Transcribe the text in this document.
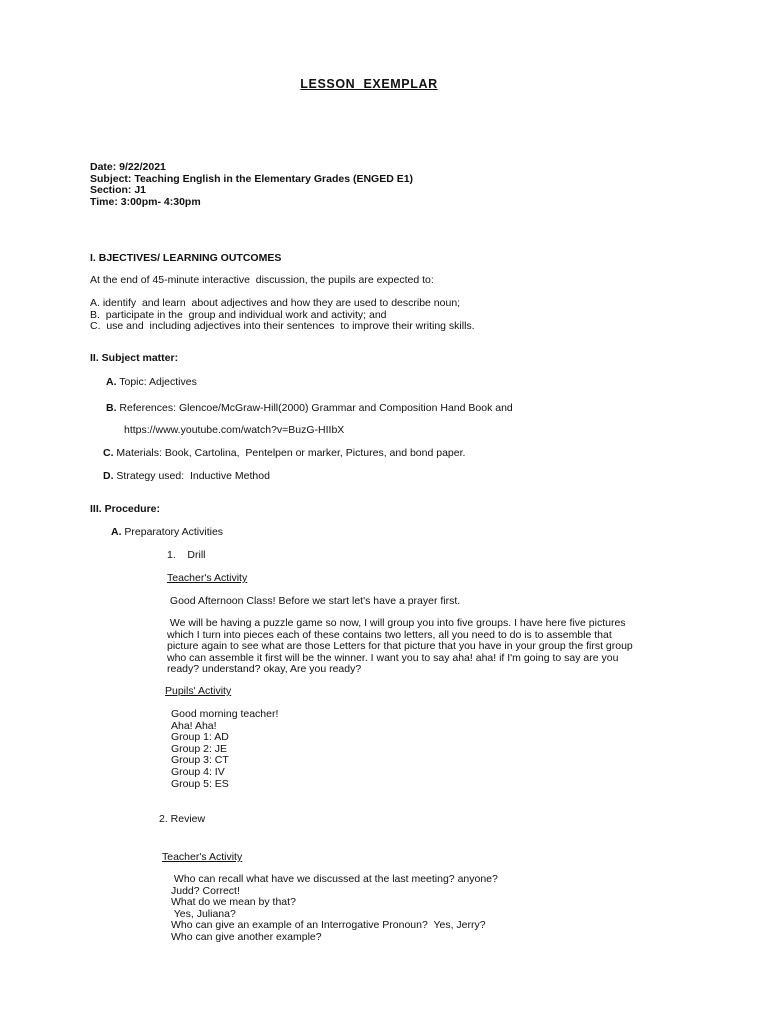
LESSON  EXEMPLAR
Date: 9/22/2021
Subject: Teaching English in the Elementary Grades (ENGED E1)
Section: J1
Time: 3:00pm- 4:30pm
I. BJECTIVES/ LEARNING OUTCOMES
At the end of 45-minute interactive  discussion, the pupils are expected to:
A. identify  and learn  about adjectives and how they are used to describe noun;
B.  participate in the  group and individual work and activity; and
C.  use and  including adjectives into their sentences  to improve their writing skills.
II. Subject matter:
A. Topic: Adjectives
B. References: Glencoe/McGraw-Hill(2000) Grammar and Composition Hand Book and
https://www.youtube.com/watch?v=BuzG-HIIbX
C. Materials: Book, Cartolina,  Pentelpen or marker, Pictures, and bond paper.
D. Strategy used:  Inductive Method
III. Procedure:
A. Preparatory Activities
1.    Drill
Teacher's Activity
Good Afternoon Class! Before we start let's have a prayer first.
We will be having a puzzle game so now, I will group you into five groups. I have here five pictures
which I turn into pieces each of these contains two letters, all you need to do is to assemble that
picture again to see what are those Letters for that picture that you have in your group the first group
who can assemble it first will be the winner. I want you to say aha! aha! if I'm going to say are you
ready? understand? okay, Are you ready?
Pupils' Activity
Good morning teacher!
Aha! Aha!
Group 1: AD
Group 2: JE
Group 3: CT
Group 4: IV
Group 5: ES
2. Review
Teacher's Activity
Who can recall what have we discussed at the last meeting? anyone?
Judd? Correct!
What do we mean by that?
Yes, Juliana?
Who can give an example of an Interrogative Pronoun?  Yes, Jerry?
Who can give another example?
